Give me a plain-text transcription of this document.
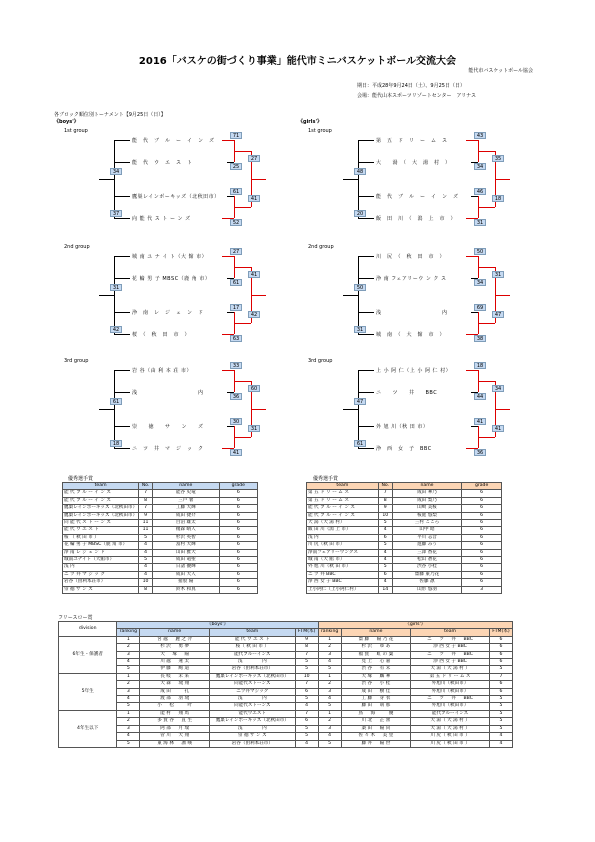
2016「バスケの街づくり事業」能代市ミニバスケットボール交流大会
能代市バスケットボール協会
期日：平成28年9月24日（土）、9月25日（日）
会場：能代山本スポーツリゾートセンター　アリナス
各ブロック順位別トーナメント【9月25日（日）】
《boys'》	《girls'》
1st group
能　代　ブ　ル　ー　イ　ン　ズ
能　代　ウ　エ　ス　ト
鷹巣レインボーキッズ（北秋田市）
向 能 代 ス ト ー ン ズ
34
37
71
25
61
52
27
41
1st group
第　五　ド　リ　ー　ム　ス
大　　湯　（　大　湯　村　）
能　代　ブ　ル　ー　イ　ン　ズ
飯　田　川　（　潟　上　市　）
48
20
43
34
46
31
35
18
2nd group
城 南 ユ ナ イ ト（大 館 市）
花 輪 男 子 MBSC（鹿 角 市）
浄　南　レ　ジ　ェ　ン　ド
桜　（　秋　田　市　）
31
42
27
61
17
63
41
42
2nd group
川　尻　（　秋　田　市　）
浄 南 フェアリーウ ン ク ス
浅　　　　　　　　　　　内
城　南　（　大　館　市　）
50
31
50
34
69
38
31
47
3rd group
岩 谷（由 利 本 荘 市）
浅　　　　　　　　　　　内
崇　　徳　　サ　　ン　　ズ
ニ　ツ　井　マ　ジ　ッ　ク
61
18
33
36
30
41
60
31
3rd group
上 小 阿 仁（上 小 阿 仁 村）
ニ　　ツ　　井　　BBC
外 旭 川（秋 田 市）
浄　西　女　子　BBC
47
61
18
44
41
36
34
41
優秀選手賞	優秀選手賞
team	No.	name	grade
能 代 ブ ル ー イ ン ズ	7	能谷 史竜	6
能 代 ブ ル ー イ ン ズ	8	三戸 暑	6
鷹巣レインボーキッズ（北秋田市）	7	工藤 大輝	6
鷹巣レインボーキッズ（北秋田市）	9	成田 捷介	6
向 能 代 ス ト ー ン ズ	11	目沼 雄太	6
能 代 ウ エ ス ト	11	榎森 晴人	6
桜 （ 秋 田 市 ）	5	杉沢 英智	6
花 輪 男 子 MBSC（鹿 角 市）	4	富村 大輝	6
浄 南 レ ジ ェ ン ド	4	山田 雅大	6
城南ユナイト（大館市）	5	成田 竜聖	6
浅 内	4	日諸 優輝	6
ニ ツ 井 マ ジ ッ ク	4	成田 大人	6
岩谷（由利本荘市）	10	猪股 陽	6
崇 徳 サ ン ズ	8	鈴木 和真	6
team	No.	name	grade
第 五 ド リ ー ム ス	7	成田 華乃	6
第 五 ド リ ー ム ス	8	成田 梨乃	6
能 代 ブ ル ー イ ン ズ	9	山崎 美桜	6
能 代 ブ ル ー イ ン ズ	10	桜庭 悠梨	6
大 湯（大 湯 村）	5	三村 こころ	6
飯 田 川（潟 上 市）	4	山中 昭	6
浅 内	6	平川 志音	6
川 尻（秋 田 市）	5	進藤 みう	6
浄南フェアリーウンクス	4	三澤 香花	6
城 南（大 館 市）	4	松山 蒼花	6
外 旭 川（秋 田 市）	5	渋谷 小桂	6
ニ ツ 井 BBC	6	齋藤 東乃花	6
浄 西 女 子 BBC	4	佐藤 凛	6
上小阿仁（上小阿仁村）	14	山形 悠羽	3
フリースロー賞
division	《boys'》				《girls'》			
	ranking	name	team	FTM(本)	ranking	name	team	FTM(本)
6年生・保護者	1	宮 越 　 麗 之 介	能 代 ウ エ ス ト	9	1	齋 藤 　 陽 乃 花	ニ 　 ツ 　 井 　 BBC	6
	2	杉 沢 　 勇 夢	桜（ 秋 田 市 ）	8	2	杉 沢 　 ゆ あ	浄 西 女 子 BBC	6
	3	大 　 塚 　 陽	能代ブルーインズ	7	3	福 賀 　 虹 の 葉	ニ 　 ツ 　 井 　 BBC	6
	4	川 越 　 蓮 太	浅 　 　 　 内	5	4	見 上 　 心 嘉	浄 西 女 子 BBC	6
	5	伊 藤 　 絢 道	岩谷（由利本荘市）	5	5	渋 谷 　 有 未	大 湯（ 大 湯 村 ）	5
5年生	1	長 岐 　 未 来	鷹巣レインボーキッズ（北秋田市）	10	1	大 塚 　 麟 華	第 五 ド リ ー ム ス	7
	2	大 森 　 琉 翔	向能代ストーンズ	7	2	渋 谷 　 小 桂	外旭川（秋田市）	6
	3	成 田 　 　 孔	ニツ井マジック	6	3	成 田 　 樹 佳	外旭川（秋田市）	6
	4	渡 部 　 羽 琉	浅 　 　 　 内	5	4	工 藤 　 芽 衣	ニ 　 ツ 　 井 　 BBC	5
	5	小 　 松 　 　 叶	向能代ストーンズ	4	5	藤 田 　 萌 那	外旭川（秋田市）	5
4年生以下	1	能 村 　 翔 馬	能代ウエスト	7	1	鳥 　 海 　 　 優	能代ブルーインズ	5
	2	多 賀 谷 　 直 生	鷹巣レインボーキッズ（北秋田市）	6	2	川 北 　 芷 蕾	大 湯（ 大 湯 村 ）	5
	3	阿 部 　 月 瑞	浅 　 　 　 内	5	3	桑 田 　 陽 向	大 湯（ 大 湯 村 ）	5
	4	菅 川 　 大 翔	崇 徳 サ ン ズ	5	4	佐 々 木 　 美 里	川 尻（ 秋 田 市 ）	4
	5	東 海 林 　 凛 嘆	岩谷（由利本荘市）	4	5	藤 井 　 陽 世	川 尻（ 秋 田 市 ）	4
